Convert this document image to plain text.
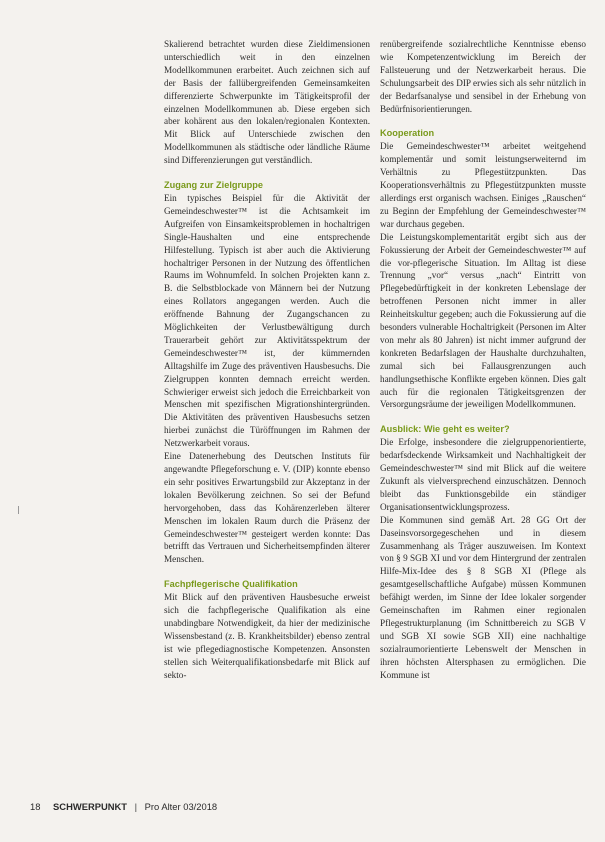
Skalierend betrachtet wurden diese Zieldimensionen unterschiedlich weit in den einzelnen Modellkommunen erarbeitet. Auch zeichnen sich auf der Basis der fallübergreifenden Gemeinsamkeiten differenzierte Schwerpunkte im Tätigkeitsprofil der einzelnen Modellkommunen ab. Diese ergeben sich aber kohärent aus den lokalen/regionalen Kontexten. Mit Blick auf Unterschiede zwischen den Modellkommunen als städtische oder ländliche Räume sind Differenzierungen gut verständlich.

Zugang zur Zielgruppe

Ein typisches Beispiel für die Aktivität der Gemeindeschwester™ ist die Achtsamkeit im Aufgreifen von Einsamkeitsproblemen in hochaltrigen Single-Haushalten und eine entsprechende Hilfestellung. Typisch ist aber auch die Aktivierung hochaltriger Personen in der Nutzung des öffentlichen Raums im Wohnumfeld. In solchen Projekten kann z. B. die Selbstblockade von Männern bei der Nutzung eines Rollators angegangen werden. Auch die eröffnende Bahnung der Zugangschancen zu Möglichkeiten der Verlustbewältigung durch Trauerarbeit gehört zur Aktivitätsspektrum der Gemeindeschwester™ ist, der kümmernden Alltagshilfe im Zuge des präventiven Hausbesuchs. Die Zielgruppen konnten demnach erreicht werden. Schwieriger erweist sich jedoch die Erreichbarkeit von Menschen mit spezifischen Migrationshintergründen. Die Aktivitäten des präventiven Hausbesuchs setzen hierbei zunächst die Türöffnungen im Rahmen der Netzwerkarbeit voraus.

Eine Datenerhebung des Deutschen Instituts für angewandte Pflegeforschung e. V. (DIP) konnte ebenso ein sehr positives Erwartungsbild zur Akzeptanz in der lokalen Bevölkerung zeichnen. So sei der Befund hervorgehoben, dass das Kohärenzerleben älterer Menschen im lokalen Raum durch die Präsenz der Gemeindeschwester™ gesteigert werden konnte: Das betrifft das Vertrauen und Sicherheitsempfinden älterer Menschen.

Fachpflegerische Qualifikation

Mit Blick auf den präventiven Hausbesuche erweist sich die fachpflegerische Qualifikation als eine unabdingbare Notwendigkeit, da hier der medizinische Wissensbestand (z. B. Krankheitsbilder) ebenso zentral ist wie pflegediagnostische Kompetenzen. Ansonsten stellen sich Weiterqualifikationsbedarfe mit Blick auf sekto-

renübergreifende sozialrechtliche Kenntnisse ebenso wie Kompetenzentwicklung im Bereich der Fallsteuerung und der Netzwerkarbeit heraus. Die Schulungsarbeit des DIP erwies sich als sehr nützlich in der Bedarfsanalyse und sensibel in der Erhebung von Bedürfnisorientierungen.

Kooperation

Die Gemeindeschwester™ arbeitet weitgehend komplementär und somit leistungserweiternd im Verhältnis zu Pflegestützpunkten. Das Kooperationsverhältnis zu Pflegestützpunkten musste allerdings erst organisch wachsen. Einiges „Rauschen“ zu Beginn der Empfehlung der Gemeindeschwester™ war durchaus gegeben.

Die Leistungskomplementarität ergibt sich aus der Fokussierung der Arbeit der Gemeindeschwester™ auf die vor-pflegerische Situation. Im Alltag ist diese Trennung „vor“ versus „nach“ Eintritt von Pflegebedürftigkeit in der konkreten Lebenslage der betroffenen Personen nicht immer in aller Reinheitskultur gegeben; auch die Fokussierung auf die besonders vulnerable Hochaltrigkeit (Personen im Alter von mehr als 80 Jahren) ist nicht immer aufgrund der konkreten Bedarfslagen der Haushalte durchzuhalten, zumal sich bei Fallausgrenzungen auch handlungsethische Konflikte ergeben können. Dies galt auch für die regionalen Tätigkeitsgrenzen der Versorgungsräume der jeweiligen Modellkommunen.

Ausblick: Wie geht es weiter?

Die Erfolge, insbesondere die zielgruppenorientierte, bedarfsdeckende Wirksamkeit und Nachhaltigkeit der Gemeindeschwester™ sind mit Blick auf die weitere Zukunft als vielversprechend einzuschätzen. Dennoch bleibt das Funktionsgebilde ein ständiger Organisationsentwicklungsprozess.

Die Kommunen sind gemäß Art. 28 GG Ort der Daseinsvorsorgegeschehen und in diesem Zusammenhang als Träger auszuweisen. Im Kontext von § 9 SGB XI und vor dem Hintergrund der zentralen Hilfe-Mix-Idee des § 8 SGB XI (Pflege als gesamtgesellschaftliche Aufgabe) müssen Kommunen befähigt werden, im Sinne der Idee lokaler sorgender Gemeinschaften im Rahmen einer regionalen Pflegestrukturplanung (im Schnittbereich zu SGB V und SGB XI sowie SGB XII) eine nachhaltige sozialraumorientierte Lebenswelt der Menschen in ihren höchsten Altersphasen zu ermöglichen. Die Kommune ist

18 SCHWERPUNKT | Pro Alter 03/2018
